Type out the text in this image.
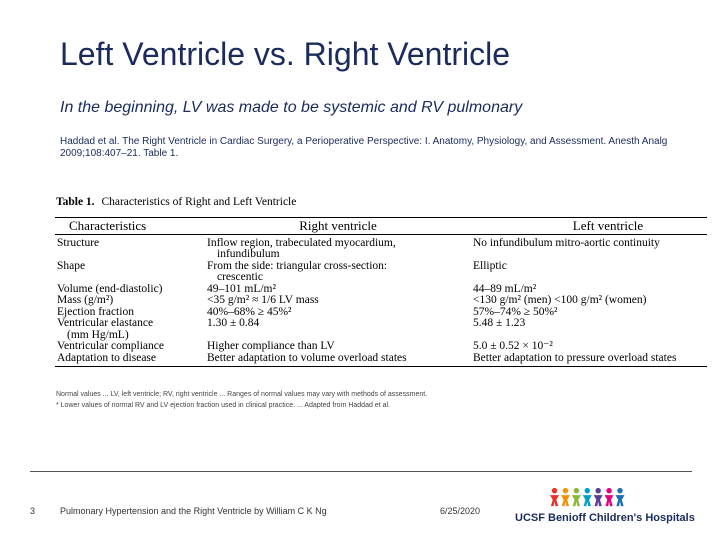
Left Ventricle vs. Right Ventricle
In the beginning, LV was made to be systemic and RV pulmonary
Haddad et al. The Right Ventricle in Cardiac Surgery, a Perioperative Perspective: I. Anatomy, Physiology, and Assessment. Anesth Analg 2009;108:407–21. Table 1.
Table 1. Characteristics of Right and Left Ventricle
Characteristics	Right ventricle	Left ventricle
Structure	Inflow region, trabeculated myocardium,	No infundibulum mitro-aortic continuity
	infundibulum	
Shape	From the side: triangular cross-section:	Elliptic
	crescentic	
Volume (end-diastolic)	49–101 mL/m²	44–89 mL/m²
Mass (g/m²)	<35 g/m² ≈ 1/6 LV mass	<130 g/m² (men) <100 g/m² (women)
Ejection fraction	40%–68% ≥ 45%²	57%–74% ≥ 50%²
Ventricular elastance	1.30 ± 0.84	5.48 ± 1.23
(mm Hg/mL)		
Ventricular compliance	Higher compliance than LV	5.0 ± 0.52 × 10⁻²
Adaptation to disease	Better adaptation to volume overload states	Better adaptation to pressure overload states
Normal values ... LV, left ventricle; RV, right ventricle ... Ranges of normal values may vary with methods of assessment.
* Lower values of normal RV and LV ejection fraction used in clinical practice. ... Adapted from Haddad et al.
3	Pulmonary Hypertension and the Right Ventricle by William C K Ng	6/25/2020
UCSF Benioff Children's Hospitals
